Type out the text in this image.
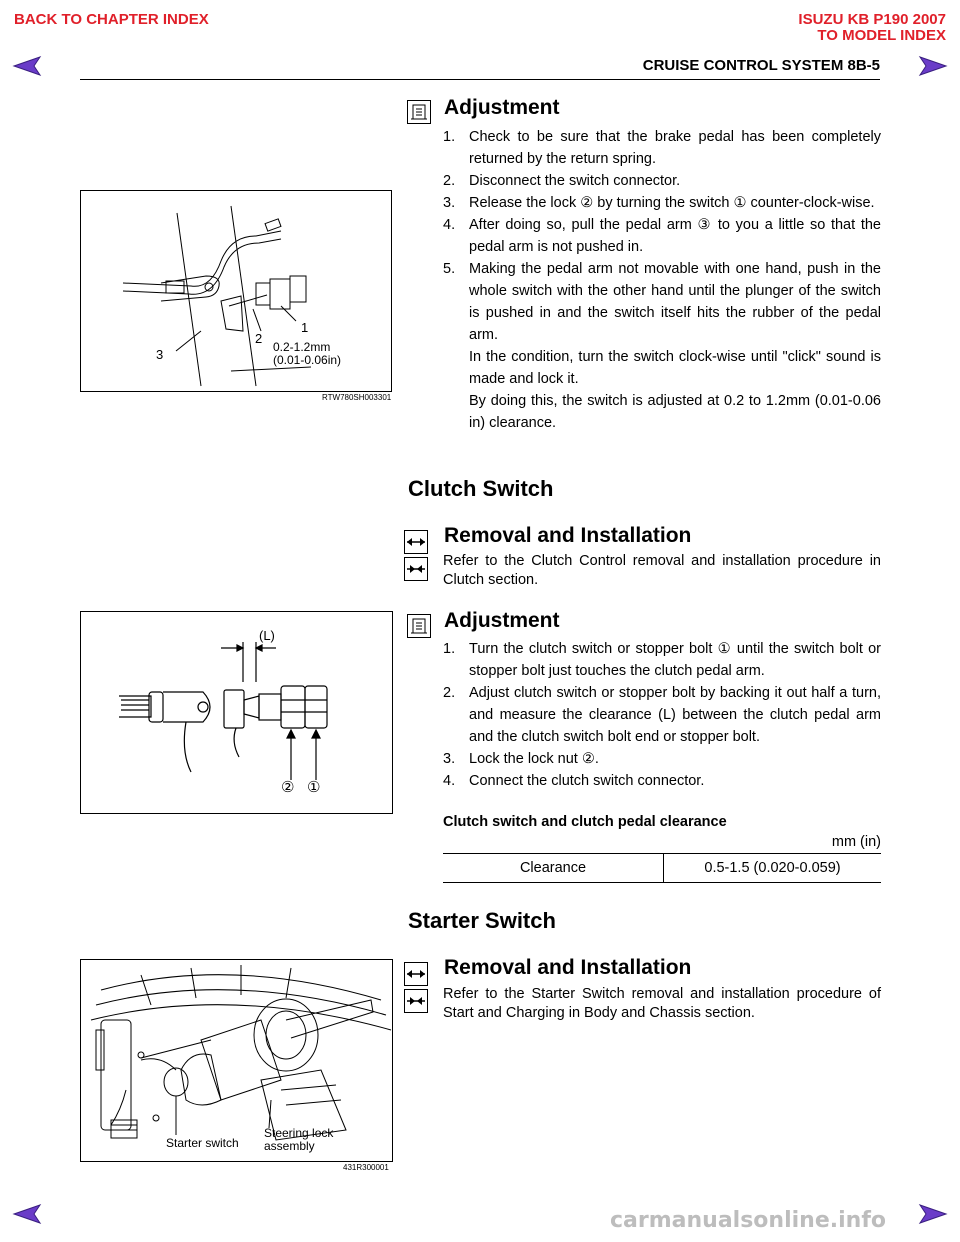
BACK TO CHAPTER INDEX	ISUZU KB P190 2007
TO MODEL INDEX
CRUISE CONTROL SYSTEM 8B-5
Adjustment
1. Check to be sure that the brake pedal has been completely returned by the return spring.
2. Disconnect the switch connector.
3. Release the lock ② by turning the switch ① counter-clock-wise.
4. After doing so, pull the pedal arm ③ to you a little so that the pedal arm is not pushed in.
5. Making the pedal arm not movable with one hand, push in the whole switch with the other hand until the plunger of the switch is pushed in and the switch itself hits the rubber of the pedal arm.
In the condition, turn the switch clock-wise until "click" sound is made and lock it.
By doing this, the switch is adjusted at 0.2 to 1.2mm (0.01-0.06 in) clearance.
3
2
1
0.2-1.2mm
(0.01-0.06in)
RTW780SH003301
Clutch Switch
Removal and Installation
Refer to the Clutch Control removal and installation procedure in Clutch section.
Adjustment
1. Turn the clutch switch or stopper bolt ① until the switch bolt or stopper bolt just touches the clutch pedal arm.
2. Adjust clutch switch or stopper bolt by backing it out half a turn, and measure the clearance (L) between the clutch pedal arm and the clutch switch bolt end or stopper bolt.
3. Lock the lock nut ②.
4. Connect the clutch switch connector.
Clutch switch and clutch pedal clearance
mm (in)
Clearance	0.5-1.5 (0.020-0.059)
(L)
② ①
Starter Switch
Removal and Installation
Refer to the Starter Switch removal and installation procedure of Start and Charging in Body and Chassis section.
Starter switch
Steering lock
assembly
431R300001
carmanualsonline.info
